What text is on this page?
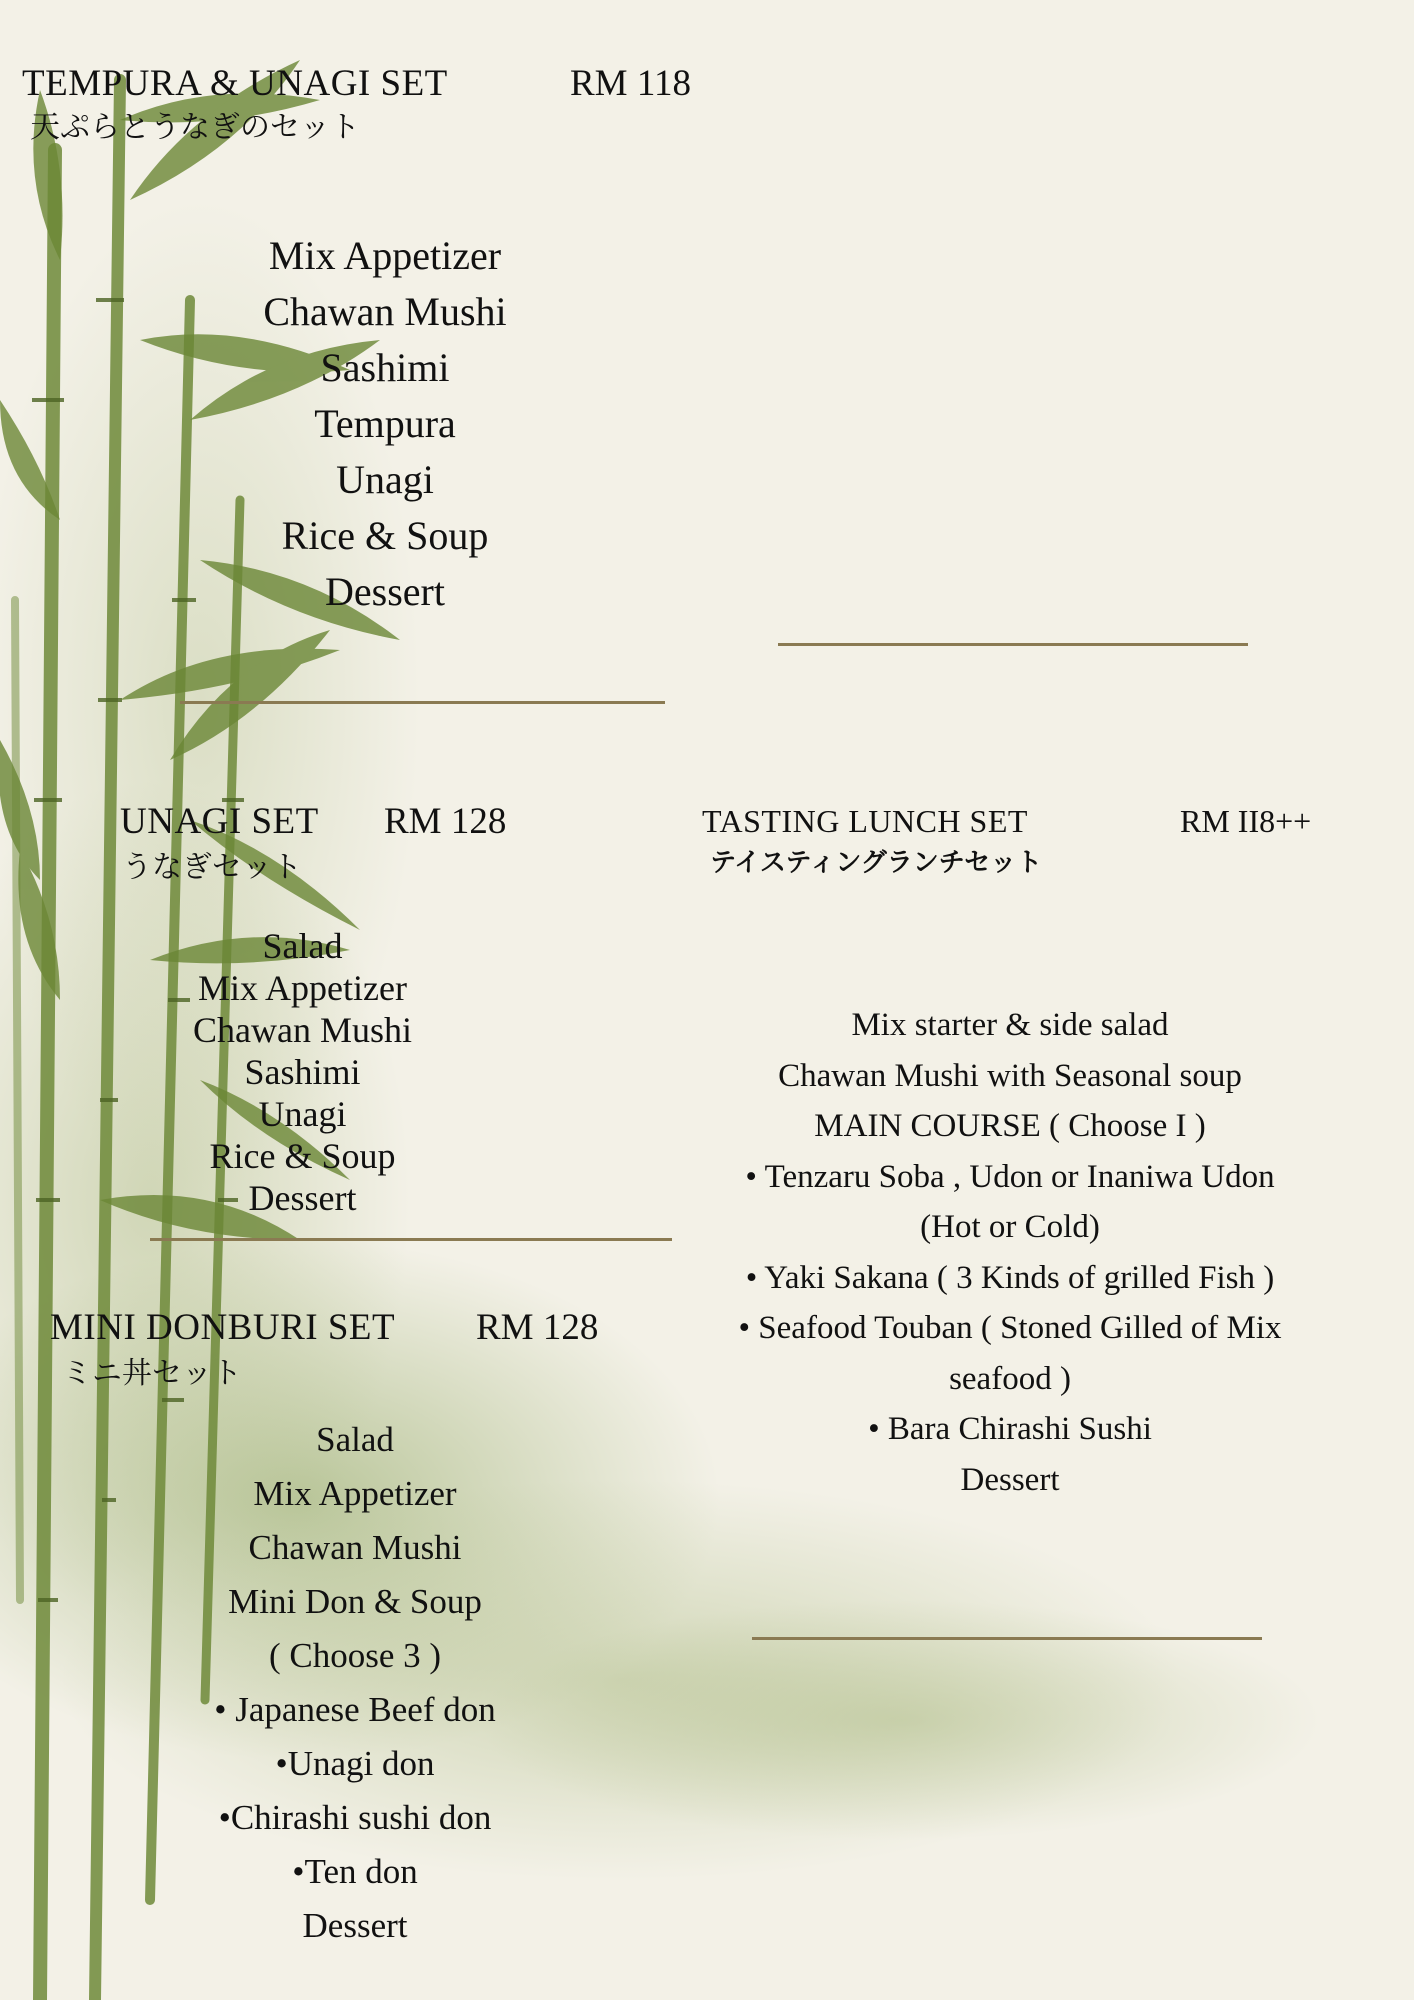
TEMPURA & UNAGI SET	RM 118
天ぷらとうなぎのセット
Mix Appetizer
Chawan Mushi
Sashimi
Tempura
Unagi
Rice & Soup
Dessert
UNAGI SET RM 128
うなぎセット
Salad
Mix Appetizer
Chawan Mushi
Sashimi
Unagi
Rice & Soup
Dessert
TASTING LUNCH SET	RM II8++
テイスティングランチセット
Mix starter & side salad
Chawan Mushi with Seasonal soup
MAIN COURSE ( Choose I )
• Tenzaru Soba , Udon or Inaniwa Udon
(Hot or Cold)
• Yaki Sakana ( 3 Kinds of grilled Fish )
• Seafood Touban ( Stoned Gilled of Mix
seafood )
• Bara Chirashi Sushi
Dessert
MINI DONBURI SET RM 128
ミニ丼セット
Salad
Mix Appetizer
Chawan Mushi
Mini Don & Soup
( Choose 3 )
• Japanese Beef don
•Unagi don
•Chirashi sushi don
•Ten don
Dessert
